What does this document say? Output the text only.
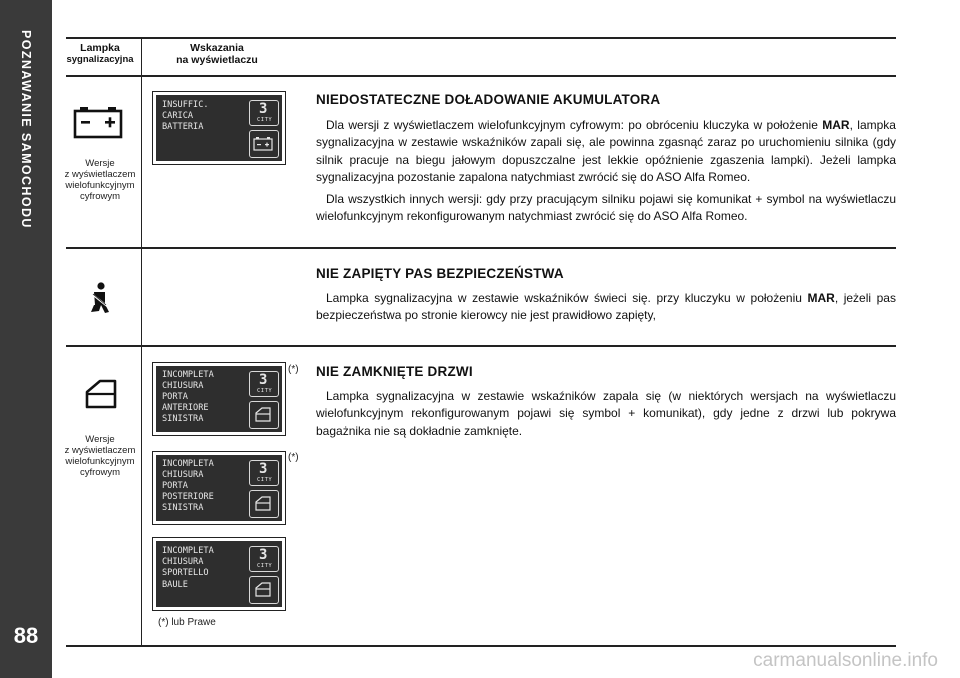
POZNAWANIE SAMOCHODU
88
Lampka
sygnalizacyjna
Wskazania
na wyświetlaczu
Wersje
z wyświetlaczem
wielofunkcyjnym
cyfrowym
INSUFFIC.
CARICA
BATTERIA
3
CITY
NIEDOSTATECZNE DOŁADOWANIE AKUMULATORA

Dla wersji z wyświetlaczem wielofunkcyjnym cyfrowym: po obróceniu kluczyka w położenie MAR, lampka sygnalizacyjna w zestawie wskaźników zapali się, ale powinna zgasnąć zaraz po uruchomieniu silnika (gdy silnik pracuje na biegu jałowym dopuszczalne jest lekkie opóźnienie zgaszenia lampki). Jeżeli lampka sygnalizacyjna pozostanie zapalona natychmiast zwrócić się do ASO Alfa Romeo.

Dla wszystkich innych wersji: gdy przy pracującym silniku pojawi się komunikat + symbol na wyświetlaczu wielofunkcyjnym rekonfigurowanym natychmiast zwrócić się do ASO Alfa Romeo.

NIE ZAPIĘTY PAS BEZPIECZEŃSTWA

Lampka sygnalizacyjna w zestawie wskaźników świeci się. przy kluczyku w położeniu MAR, jeżeli pas bezpieczeństwa po stronie kierowcy nie jest prawidłowo zapięty,

Wersje
z wyświetlaczem
wielofunkcyjnym
cyfrowym
INCOMPLETA
CHIUSURA
PORTA
ANTERIORE
SINISTRA
3
CITY
(*)
INCOMPLETA
CHIUSURA
PORTA
POSTERIORE
SINISTRA
3
CITY
(*)
INCOMPLETA
CHIUSURA
SPORTELLO
BAULE
3
CITY
(*) lub Prawe
NIE ZAMKNIĘTE DRZWI

Lampka sygnalizacyjna w zestawie wskaźników zapala się (w niektórych wersjach na wyświetlaczu wielofunkcyjnym rekonfigurowanym pojawi się symbol + komunikat), gdy jedne z drzwi lub pokrywa bagażnika nie są dokładnie zamknięte.

carmanualsonline.info
